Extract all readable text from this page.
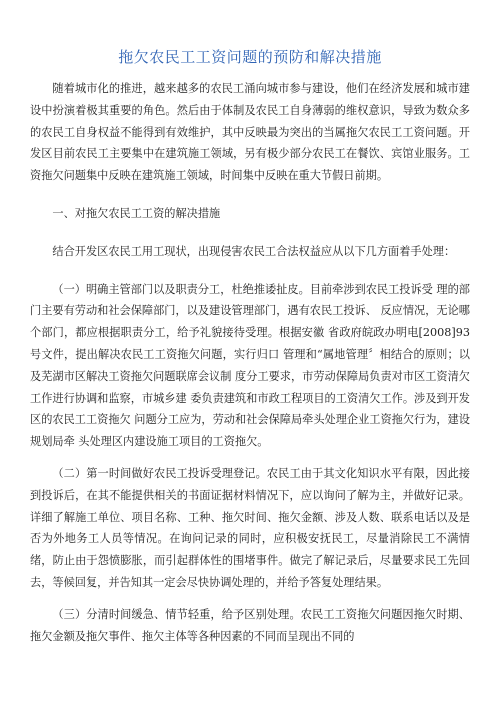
拖欠农民工工资问题的预防和解决措施

随着城市化的推进，越来越多的农民工涌向城市参与建设，他们在经济发展和城市建设中扮演着极其重要的角色。然后由于体制及农民工自身薄弱的维权意识，导致为数众多的农民工自身权益不能得到有效维护，其中反映最为突出的当属拖欠农民工工资问题。开发区目前农民工主要集中在建筑施工领域，另有极少部分农民工在餐饮、宾馆业服务。工资拖欠问题集中反映在建筑施工领域，时间集中反映在重大节假日前期。

一、对拖欠农民工工资的解决措施

结合开发区农民工用工现状，出现侵害农民工合法权益应从以下几方面着手处理：

（一）明确主管部门以及职责分工，杜绝推诿扯皮。目前牵涉到农民工投诉受 理的部门主要有劳动和社会保障部门，以及建设管理部门，遇有农民工投诉、 反应情况，无论哪个部门，都应根据职责分工，给予礼貌接待受理。根据安徽 省政府皖政办明电[2008]93号文件，提出解决农民工工资拖欠问题，实行归口 管理和“属地管理〞相结合的原则；以及芜湖市区解决工资拖欠问题联席会议制 度分工要求，市劳动保障局负责对市区工资清欠工作进行协调和监察，市城乡建 委负责建筑和市政工程项目的工资清欠工作。涉及到开发区的农民工工资拖欠 问题分工应为，劳动和社会保障局牵头处理企业工资拖欠行为，建设规划局牵 头处理区内建设施工项目的工资拖欠。

（二）第一时间做好农民工投诉受理登记。农民工由于其文化知识水平有限，因此接到投诉后，在其不能提供相关的书面证据材料情况下，应以询问了解为主，并做好记录。详细了解施工单位、项目名称、工种、拖欠时间、拖欠金额、涉及人数、联系电话以及是否为外地务工人员等情况。在询问记录的同时，应积极安抚民工，尽量消除民工不满情绪，防止由于怨愤膨胀，而引起群体性的围堵事件。做完了解记录后，尽量要求民工先回去，等候回复，并告知其一定会尽快协调处理的，并给予答复处理结果。

（三）分清时间缓急、情节轻重，给予区别处理。农民工工资拖欠问题因拖欠时期、拖欠金额及拖欠事件、拖欠主体等各种因素的不同而呈现出不同的
